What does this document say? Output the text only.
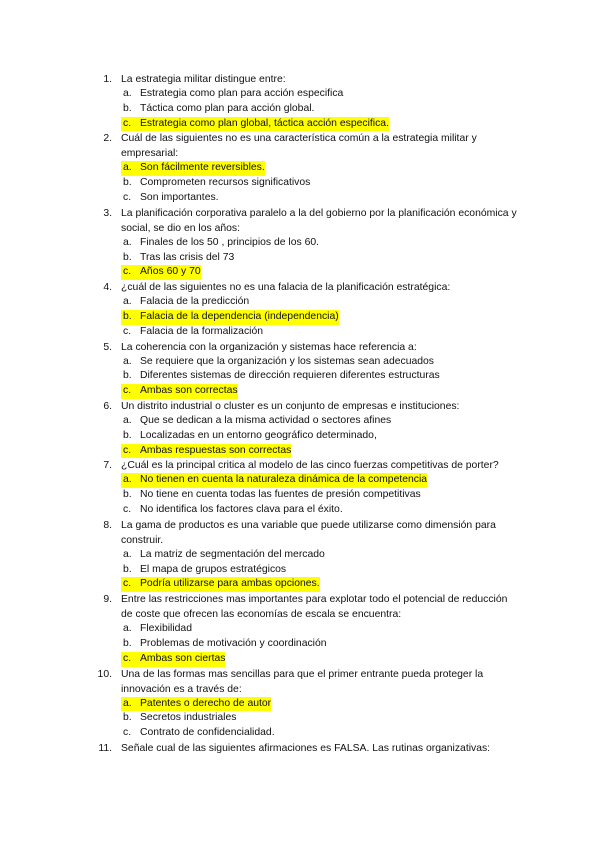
1. La estrategia militar distingue entre:
a. Estrategia como plan para acción especifica
b. Táctica como plan para acción global.
c. Estrategia como plan global, táctica acción especifica.
2. Cuál de las siguientes no es una característica común a la estrategia militar y empresarial:
a. Son fácilmente reversibles.
b. Comprometen recursos significativos
c. Son importantes.
3. La planificación corporativa paralelo a la del gobierno por la planificación económica y social, se dio en los años:
a. Finales de los 50 , principios de los 60.
b. Tras las crisis del 73
c. Años 60 y 70
4. ¿cuál de las siguientes no es una falacia de la planificación estratégica:
a. Falacia de la predicción
b. Falacia de la dependencia (independencia)
c. Falacia de la formalización
5. La coherencia con la organización y sistemas hace referencia a:
a. Se requiere que la organización y los sistemas sean adecuados
b. Diferentes sistemas de dirección requieren diferentes estructuras
c. Ambas son correctas
6. Un distrito industrial o cluster es un conjunto de empresas e instituciones:
a. Que se dedican a la misma actividad o sectores afines
b. Localizadas en un entorno geográfico determinado,
c. Ambas respuestas son correctas
7. ¿Cuál es la principal critica al modelo de las cinco fuerzas competitivas de porter?
a. No tienen en cuenta la naturaleza dinámica de la competencia
b. No tiene en cuenta todas las fuentes de presión competitivas
c. No identifica los factores clava para el éxito.
8. La gama de productos es una variable que puede utilizarse como dimensión para construir.
a. La matriz de segmentación del mercado
b. El mapa de grupos estratégicos
c. Podría utilizarse para ambas opciones.
9. Entre las restricciones mas importantes para explotar todo el potencial de reducción de coste que ofrecen las economías de escala se encuentra:
a. Flexibilidad
b. Problemas de motivación y coordinación
c. Ambas son ciertas
10. Una de las formas mas sencillas para que el primer entrante pueda proteger la innovación es a través de:
a. Patentes o derecho de autor
b. Secretos industriales
c. Contrato de confidencialidad.
11. Señale cual de las siguientes afirmaciones es FALSA. Las rutinas organizativas:
